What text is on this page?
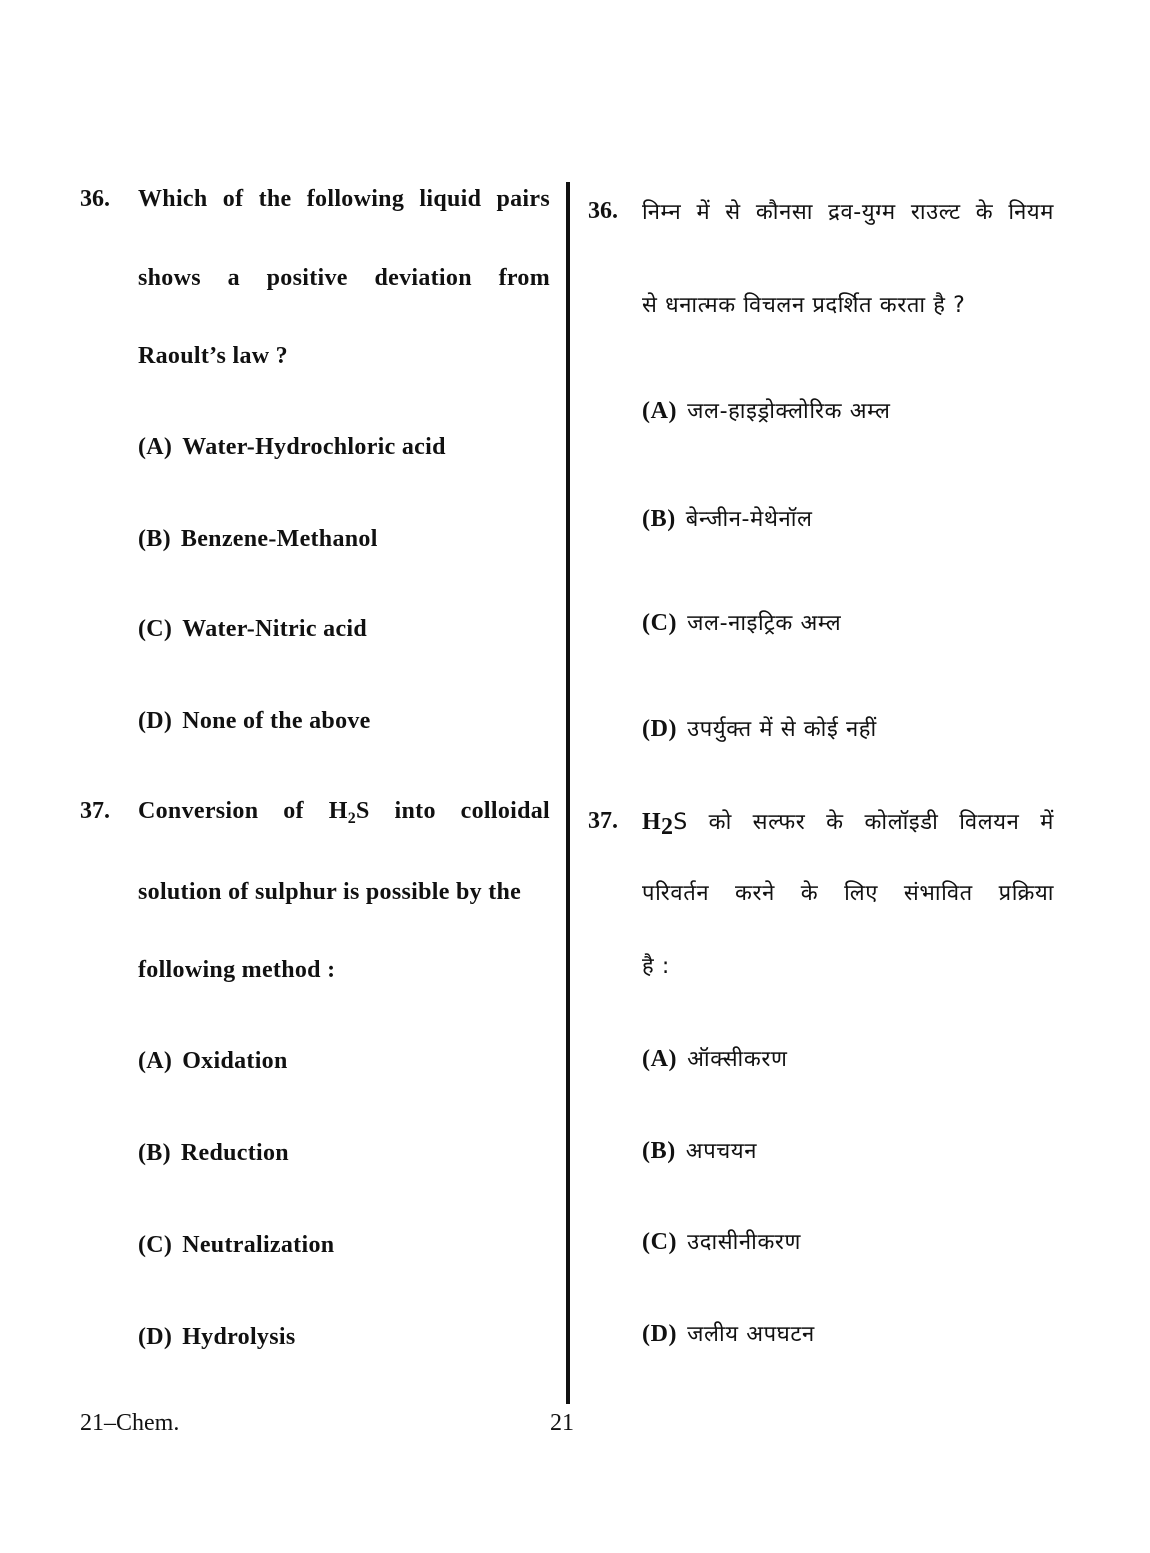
36. Which of the following liquid pairs
shows a positive deviation from
Raoult’s law ?
(A) Water-Hydrochloric acid
(B) Benzene-Methanol
(C) Water-Nitric acid
(D) None of the above
37. Conversion of $H_2S$ into colloidal
solution of sulphur is possible by the
following method :
(A) Oxidation
(B) Reduction
(C) Neutralization
(D) Hydrolysis
36. निम्न में से कौनसा द्रव-युग्म राउल्ट के नियम
से धनात्मक विचलन प्रदर्शित करता है ?
(A) जल-हाइड्रोक्लोरिक अम्ल
(B) बेन्जीन-मेथेनॉल
(C) जल-नाइट्रिक अम्ल
(D) उपर्युक्त में से कोई नहीं
37. $H_2S$ को सल्फर के कोलॉइडी विलयन में
परिवर्तन करने के लिए संभावित प्रक्रिया
है :
(A) ऑक्सीकरण
(B) अपचयन
(C) उदासीनीकरण
(D) जलीय अपघटन
21–Chem.	21
